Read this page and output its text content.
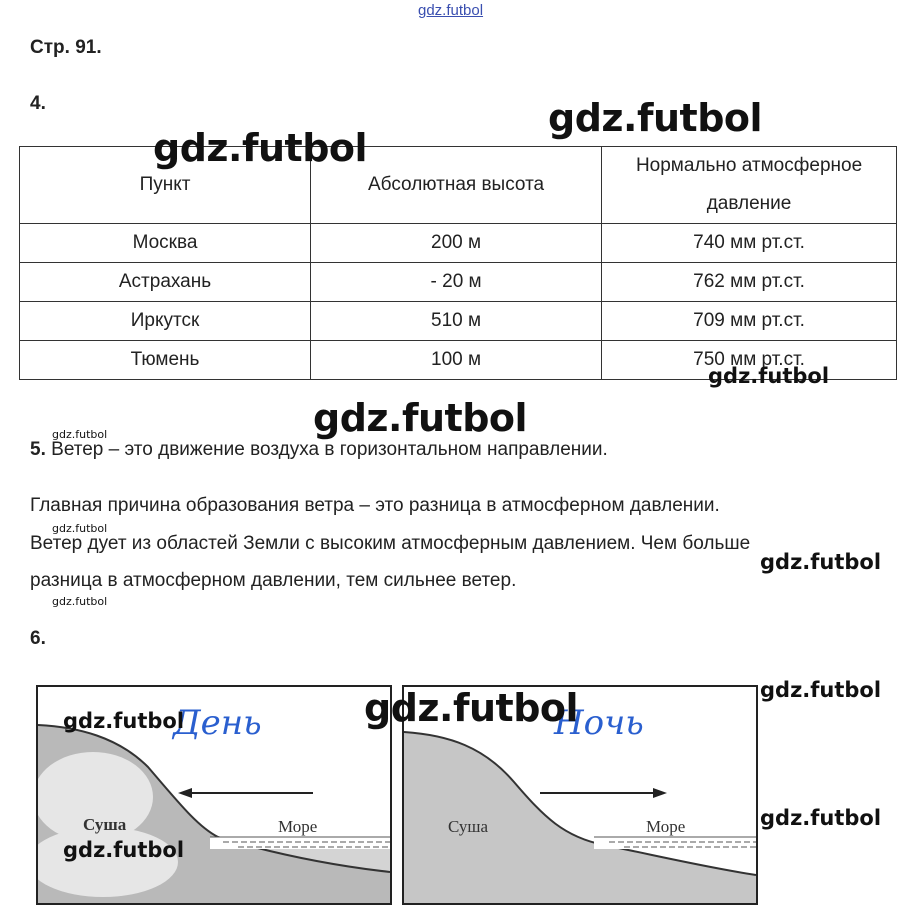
gdz.futbol
Стр. 91.
4.
Пункт	Абсолютная высота	Нормально атмосферное давление
Москва	200 м	740 мм рт.ст.
Астрахань	- 20 м	762 мм рт.ст.
Иркутск	510 м	709 мм рт.ст.
Тюмень	100 м	750 мм рт.ст.
5. Ветер – это движение воздуха в горизонтальном направлении.
Главная причина образования ветра – это разница в атмосферном давлении.
Ветер дует из областей Земли с высоким атмосферным давлением. Чем больше
разница в атмосферном давлении, тем сильнее ветер.
6.
День
Суша	Море
Ночь
Суша	Море
gdz.futbol
gdz.futbol
gdz.futbol
gdz.futbol
gdz.futbol
gdz.futbol
gdz.futbol
gdz.futbol
gdz.futbol	gdz.futbol
gdz.futbol
gdz.futbol
gdz.futbol
